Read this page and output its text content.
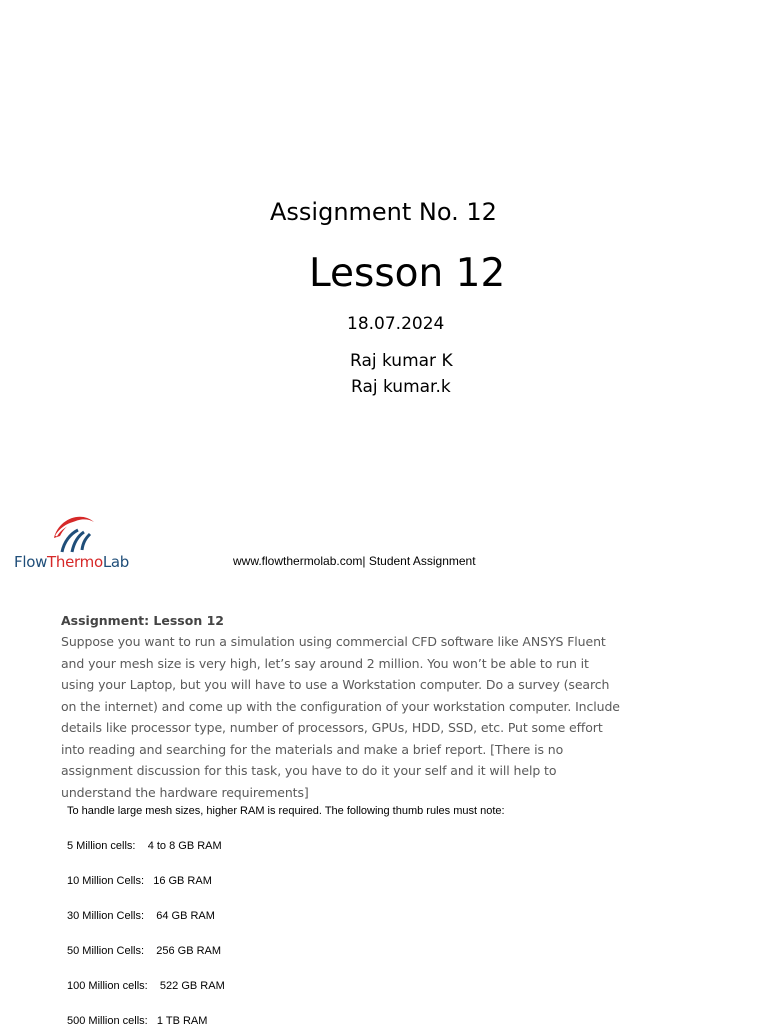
Assignment No. 12
Lesson 12
18.07.2024
Raj kumar K
Raj kumar.k
FlowThermoLab	www.flowthermolab.com| Student Assignment
Assignment: Lesson 12
Suppose you want to run a simulation using commercial CFD software like ANSYS Fluent and your mesh size is very high, let’s say around 2 million. You won’t be able to run it using your Laptop, but you will have to use a Workstation computer. Do a survey (search on the internet) and come up with the configuration of your workstation computer. Include details like processor type, number of processors, GPUs, HDD, SSD, etc. Put some effort into reading and searching for the materials and make a brief report. [There is no assignment discussion for this task, you have to do it your self and it will help to understand the hardware requirements]
To handle large mesh sizes, higher RAM is required. The following thumb rules must note:
5 Million cells:    4 to 8 GB RAM
10 Million Cells:   16 GB RAM
30 Million Cells:    64 GB RAM
50 Million Cells:    256 GB RAM
100 Million cells:    522 GB RAM
500 Million cells:   1 TB RAM
